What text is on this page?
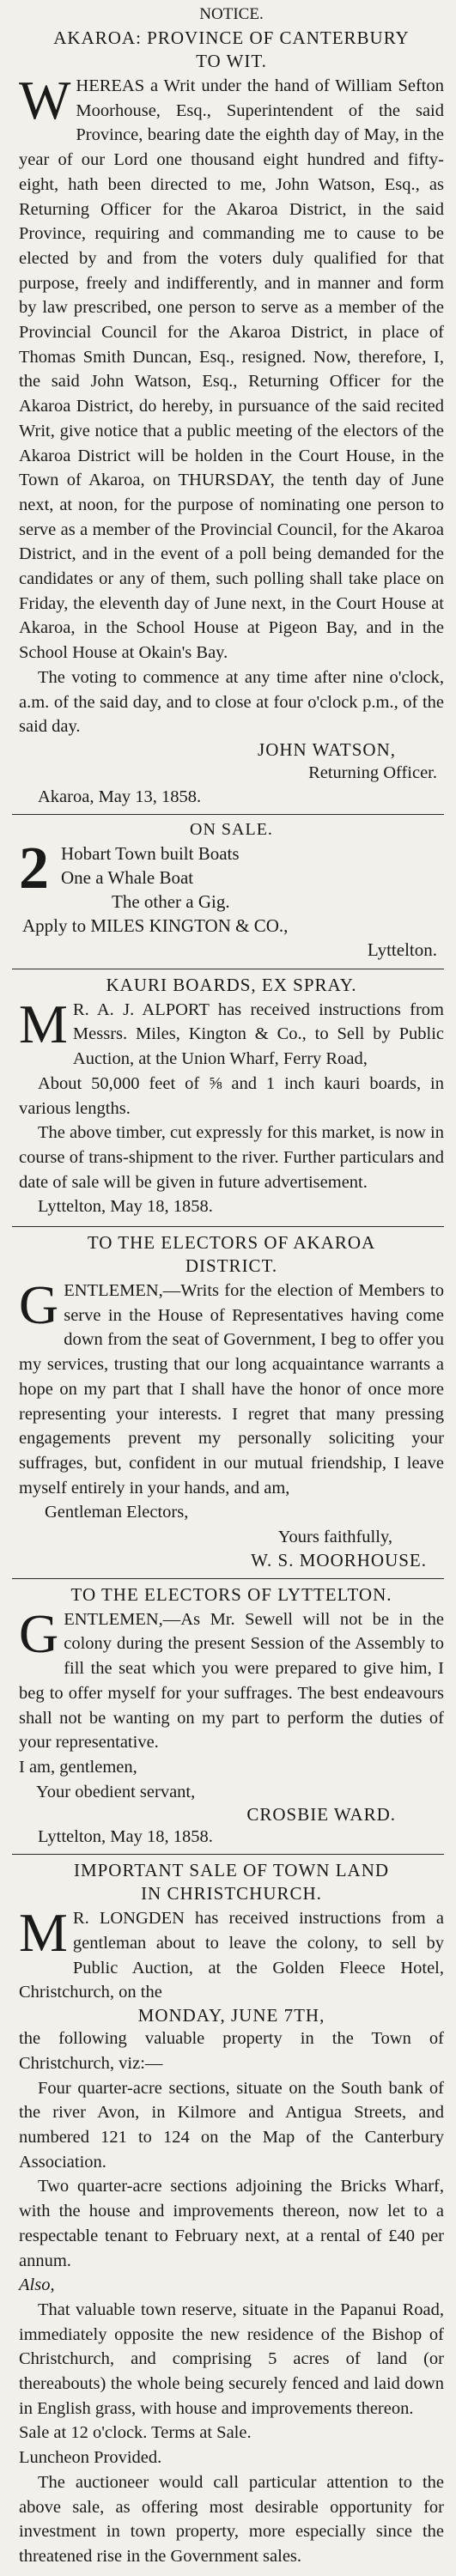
NOTICE.
AKAROA: PROVINCE OF CANTERBURY
TO WIT.

WHEREAS a Writ under the hand of William Sefton Moorhouse, Esq., Superintendent of the said Province, bearing date the eighth day of May, in the year of our Lord one thousand eight hundred and fifty-eight, hath been directed to me, John Watson, Esq., as Returning Officer for the Akaroa District, in the said Province, requiring and commanding me to cause to be elected by and from the voters duly qualified for that purpose, freely and indifferently, and in manner and form by law prescribed, one person to serve as a member of the Provincial Council for the Akaroa District, in place of Thomas Smith Duncan, Esq., resigned. Now, therefore, I, the said John Watson, Esq., Returning Officer for the Akaroa District, do hereby, in pursuance of the said recited Writ, give notice that a public meeting of the electors of the Akaroa District will be holden in the Court House, in the Town of Akaroa, on THURSDAY, the tenth day of June next, at noon, for the purpose of nominating one person to serve as a member of the Provincial Council, for the Akaroa District, and in the event of a poll being demanded for the candidates or any of them, such polling shall take place on Friday, the eleventh day of June next, in the Court House at Akaroa, in the School House at Pigeon Bay, and in the School House at Okain's Bay.

The voting to commence at any time after nine o'clock, a.m. of the said day, and to close at four o'clock p.m., of the said day.

JOHN WATSON,
Returning Officer.
Akaroa, May 13, 1858.
ON SALE.
2 Hobart Town built Boats

One a Whale Boat

The other a Gig.

Apply to MILES KINGTON & CO.,

Lyttelton.

KAURI BOARDS, EX SPRAY.

M R. A. J. ALPORT has received instructions from Messrs. Miles, Kington & Co., to Sell by Public Auction, at the Union Wharf, Ferry Road,

About 50,000 feet of ⅝ and 1 inch kauri boards, in various lengths.

The above timber, cut expressly for this market, is now in course of trans-shipment to the river. Further particulars and date of sale will be given in future advertisement.

Lyttelton, May 18, 1858.
TO THE ELECTORS OF AKAROA
DISTRICT.

GENTLEMEN,—Writs for the election of Members to serve in the House of Representatives having come down from the seat of Government, I beg to offer you my services, trusting that our long acquaintance warrants a hope on my part that I shall have the honor of once more representing your interests. I regret that many pressing engagements prevent my personally soliciting your suffrages, but, confident in our mutual friendship, I leave myself entirely in your hands, and am,

Gentleman Electors,
Yours faithfully,
W. S. MOORHOUSE.
TO THE ELECTORS OF LYTTELTON.

GENTLEMEN,—As Mr. Sewell will not be in the colony during the present Session of the Assembly to fill the seat which you were prepared to give him, I beg to offer myself for your suffrages. The best endeavours shall not be wanting on my part to perform the duties of your representative.

I am, gentlemen,
Your obedient servant,
CROSBIE WARD.
Lyttelton, May 18, 1858.
IMPORTANT SALE OF TOWN LAND
IN CHRISTCHURCH.

M R. LONGDEN has received instructions from a gentleman about to leave the colony, to sell by Public Auction, at the Golden Fleece Hotel, Christchurch, on the

MONDAY, JUNE 7TH,

the following valuable property in the Town of Christchurch, viz:—

Four quarter-acre sections, situate on the South bank of the river Avon, in Kilmore and Antigua Streets, and numbered 121 to 124 on the Map of the Canterbury Association.

Two quarter-acre sections adjoining the Bricks Wharf, with the house and improvements thereon, now let to a respectable tenant to February next, at a rental of £40 per annum.

Also,

That valuable town reserve, situate in the Papanui Road, immediately opposite the new residence of the Bishop of Christchurch, and comprising 5 acres of land (or thereabouts) the whole being securely fenced and laid down in English grass, with house and improvements thereon.

Sale at 12 o'clock. Terms at Sale.
Luncheon Provided.

The auctioneer would call particular attention to the above sale, as offering most desirable opportunity for investment in town property, more especially since the threatened rise in the Government sales.
